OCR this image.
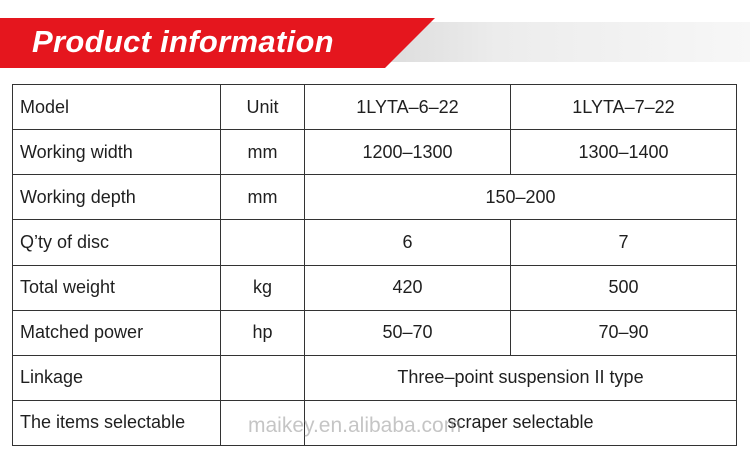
Product information
Model	Unit	1LYTA–6–22	1LYTA–7–22
Working width	mm	1200–1300	1300–1400
Working depth	mm	150–200	
Q’ty of disc		6	7
Total weight	kg	420	500
Matched power	hp	50–70	70–90
Linkage		Three–point suspension II type	
The items selectable		scraper selectable	
maikey.en.alibaba.com
